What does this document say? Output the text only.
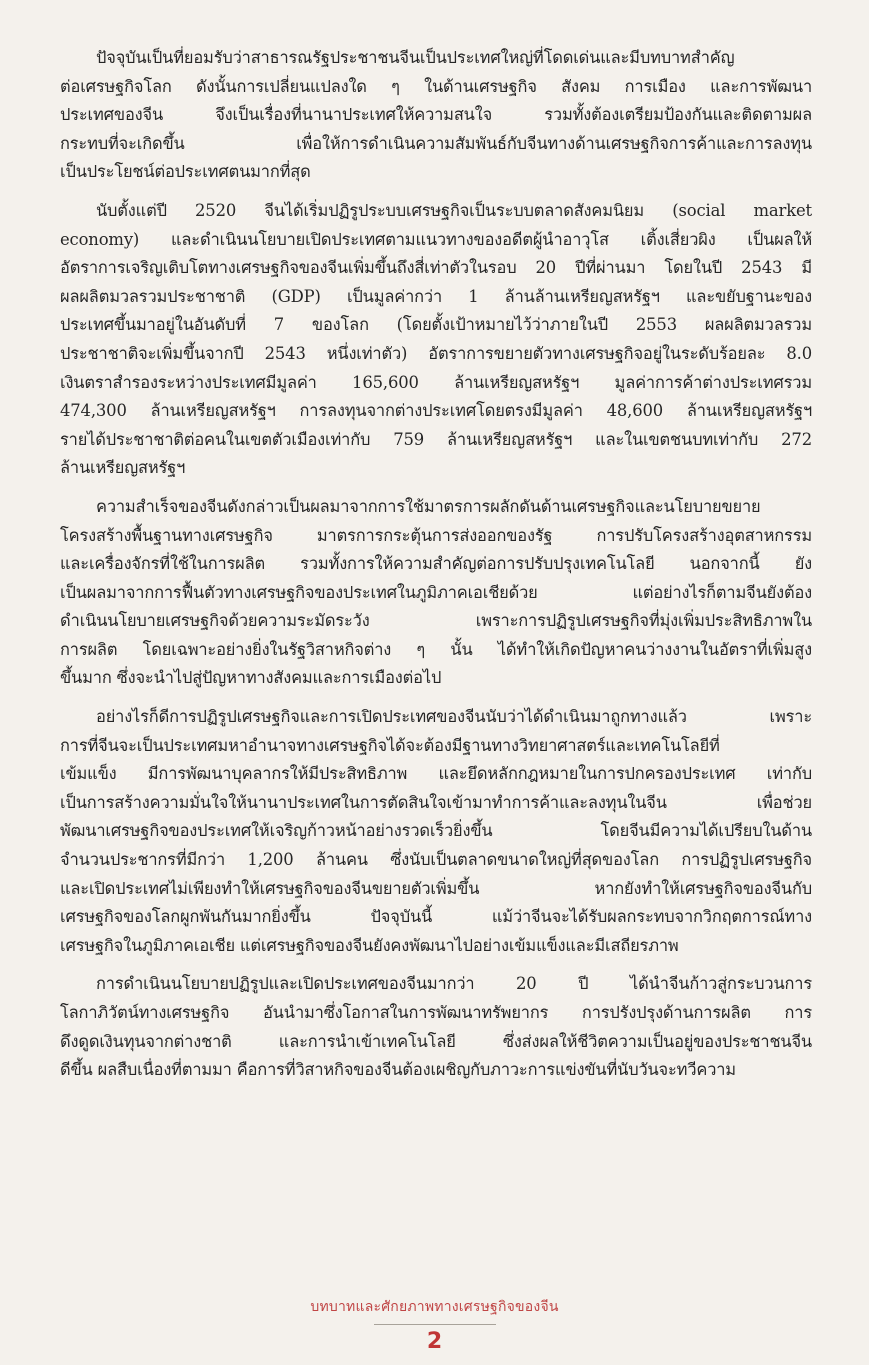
ปัจจุบันเป็นที่ยอมรับว่าสาธารณรัฐประชาชนจีนเป็นประเทศใหญ่ที่โดดเด่นและมีบทบาทสำคัญ
ต่อเศรษฐกิจโลก ดังนั้นการเปลี่ยนแปลงใด ๆ ในด้านเศรษฐกิจ สังคม การเมือง และการพัฒนา
ประเทศของจีน จึงเป็นเรื่องที่นานาประเทศให้ความสนใจ รวมทั้งต้องเตรียมป้องกันและติดตามผล
กระทบที่จะเกิดขึ้น เพื่อให้การดำเนินความสัมพันธ์กับจีนทางด้านเศรษฐกิจการค้าและการลงทุน
เป็นประโยชน์ต่อประเทศตนมากที่สุด
นับตั้งแต่ปี 2520 จีนได้เริ่มปฏิรูประบบเศรษฐกิจเป็นระบบตลาดสังคมนิยม (social market
economy) และดำเนินนโยบายเปิดประเทศตามแนวทางของอดีตผู้นำอาวุโส เติ้งเสี่ยวผิง เป็นผลให้
อัตราการเจริญเติบโตทางเศรษฐกิจของจีนเพิ่มขึ้นถึงสี่เท่าตัวในรอบ 20 ปีที่ผ่านมา โดยในปี 2543 มี
ผลผลิตมวลรวมประชาชาติ (GDP) เป็นมูลค่ากว่า 1 ล้านล้านเหรียญสหรัฐฯ และขยับฐานะของ
ประเทศขึ้นมาอยู่ในอันดับที่ 7 ของโลก (โดยตั้งเป้าหมายไว้ว่าภายในปี 2553 ผลผลิตมวลรวม
ประชาชาติจะเพิ่มขึ้นจากปี 2543 หนึ่งเท่าตัว) อัตราการขยายตัวทางเศรษฐกิจอยู่ในระดับร้อยละ 8.0
เงินตราสำรองระหว่างประเทศมีมูลค่า 165,600 ล้านเหรียญสหรัฐฯ มูลค่าการค้าต่างประเทศรวม
474,300 ล้านเหรียญสหรัฐฯ การลงทุนจากต่างประเทศโดยตรงมีมูลค่า 48,600 ล้านเหรียญสหรัฐฯ
รายได้ประชาชาติต่อคนในเขตตัวเมืองเท่ากับ 759 ล้านเหรียญสหรัฐฯ และในเขตชนบทเท่ากับ 272
ล้านเหรียญสหรัฐฯ
ความสำเร็จของจีนดังกล่าวเป็นผลมาจากการใช้มาตรการผลักดันด้านเศรษฐกิจและนโยบายขยาย
โครงสร้างพื้นฐานทางเศรษฐกิจ มาตรการกระตุ้นการส่งออกของรัฐ การปรับโครงสร้างอุตสาหกรรม
และเครื่องจักรที่ใช้ในการผลิต รวมทั้งการให้ความสำคัญต่อการปรับปรุงเทคโนโลยี นอกจากนี้ ยัง
เป็นผลมาจากการฟื้นตัวทางเศรษฐกิจของประเทศในภูมิภาคเอเชียด้วย แต่อย่างไรก็ตามจีนยังต้อง
ดำเนินนโยบายเศรษฐกิจด้วยความระมัดระวัง เพราะการปฏิรูปเศรษฐกิจที่มุ่งเพิ่มประสิทธิภาพใน
การผลิต โดยเฉพาะอย่างยิ่งในรัฐวิสาหกิจต่าง ๆ นั้น ได้ทำให้เกิดปัญหาคนว่างงานในอัตราที่เพิ่มสูง
ขึ้นมาก ซึ่งจะนำไปสู่ปัญหาทางสังคมและการเมืองต่อไป
อย่างไรก็ดีการปฏิรูปเศรษฐกิจและการเปิดประเทศของจีนนับว่าได้ดำเนินมาถูกทางแล้ว เพราะ
การที่จีนจะเป็นประเทศมหาอำนาจทางเศรษฐกิจได้จะต้องมีฐานทางวิทยาศาสตร์และเทคโนโลยีที่
เข้มแข็ง มีการพัฒนาบุคลากรให้มีประสิทธิภาพ และยึดหลักกฎหมายในการปกครองประเทศ เท่ากับ
เป็นการสร้างความมั่นใจให้นานาประเทศในการตัดสินใจเข้ามาทำการค้าและลงทุนในจีน เพื่อช่วย
พัฒนาเศรษฐกิจของประเทศให้เจริญก้าวหน้าอย่างรวดเร็วยิ่งขึ้น โดยจีนมีความได้เปรียบในด้าน
จำนวนประชากรที่มีกว่า 1,200 ล้านคน ซึ่งนับเป็นตลาดขนาดใหญ่ที่สุดของโลก การปฏิรูปเศรษฐกิจ
และเปิดประเทศไม่เพียงทำให้เศรษฐกิจของจีนขยายตัวเพิ่มขึ้น หากยังทำให้เศรษฐกิจของจีนกับ
เศรษฐกิจของโลกผูกพันกันมากยิ่งขึ้น ปัจจุบันนี้ แม้ว่าจีนจะได้รับผลกระทบจากวิกฤตการณ์ทาง
เศรษฐกิจในภูมิภาคเอเชีย แต่เศรษฐกิจของจีนยังคงพัฒนาไปอย่างเข้มแข็งและมีเสถียรภาพ
การดำเนินนโยบายปฏิรูปและเปิดประเทศของจีนมากว่า 20 ปี ได้นำจีนก้าวสู่กระบวนการ
โลกาภิวัตน์ทางเศรษฐกิจ อันนำมาซึ่งโอกาสในการพัฒนาทรัพยากร การปรังปรุงด้านการผลิต การ
ดึงดูดเงินทุนจากต่างชาติ และการนำเข้าเทคโนโลยี ซึ่งส่งผลให้ชีวิตความเป็นอยู่ของประชาชนจีน
ดีขึ้น ผลสืบเนื่องที่ตามมา คือการที่วิสาหกิจของจีนต้องเผชิญกับภาวะการแข่งขันที่นับวันจะทวีความ
บทบาทและศักยภาพทางเศรษฐกิจของจีน
2
